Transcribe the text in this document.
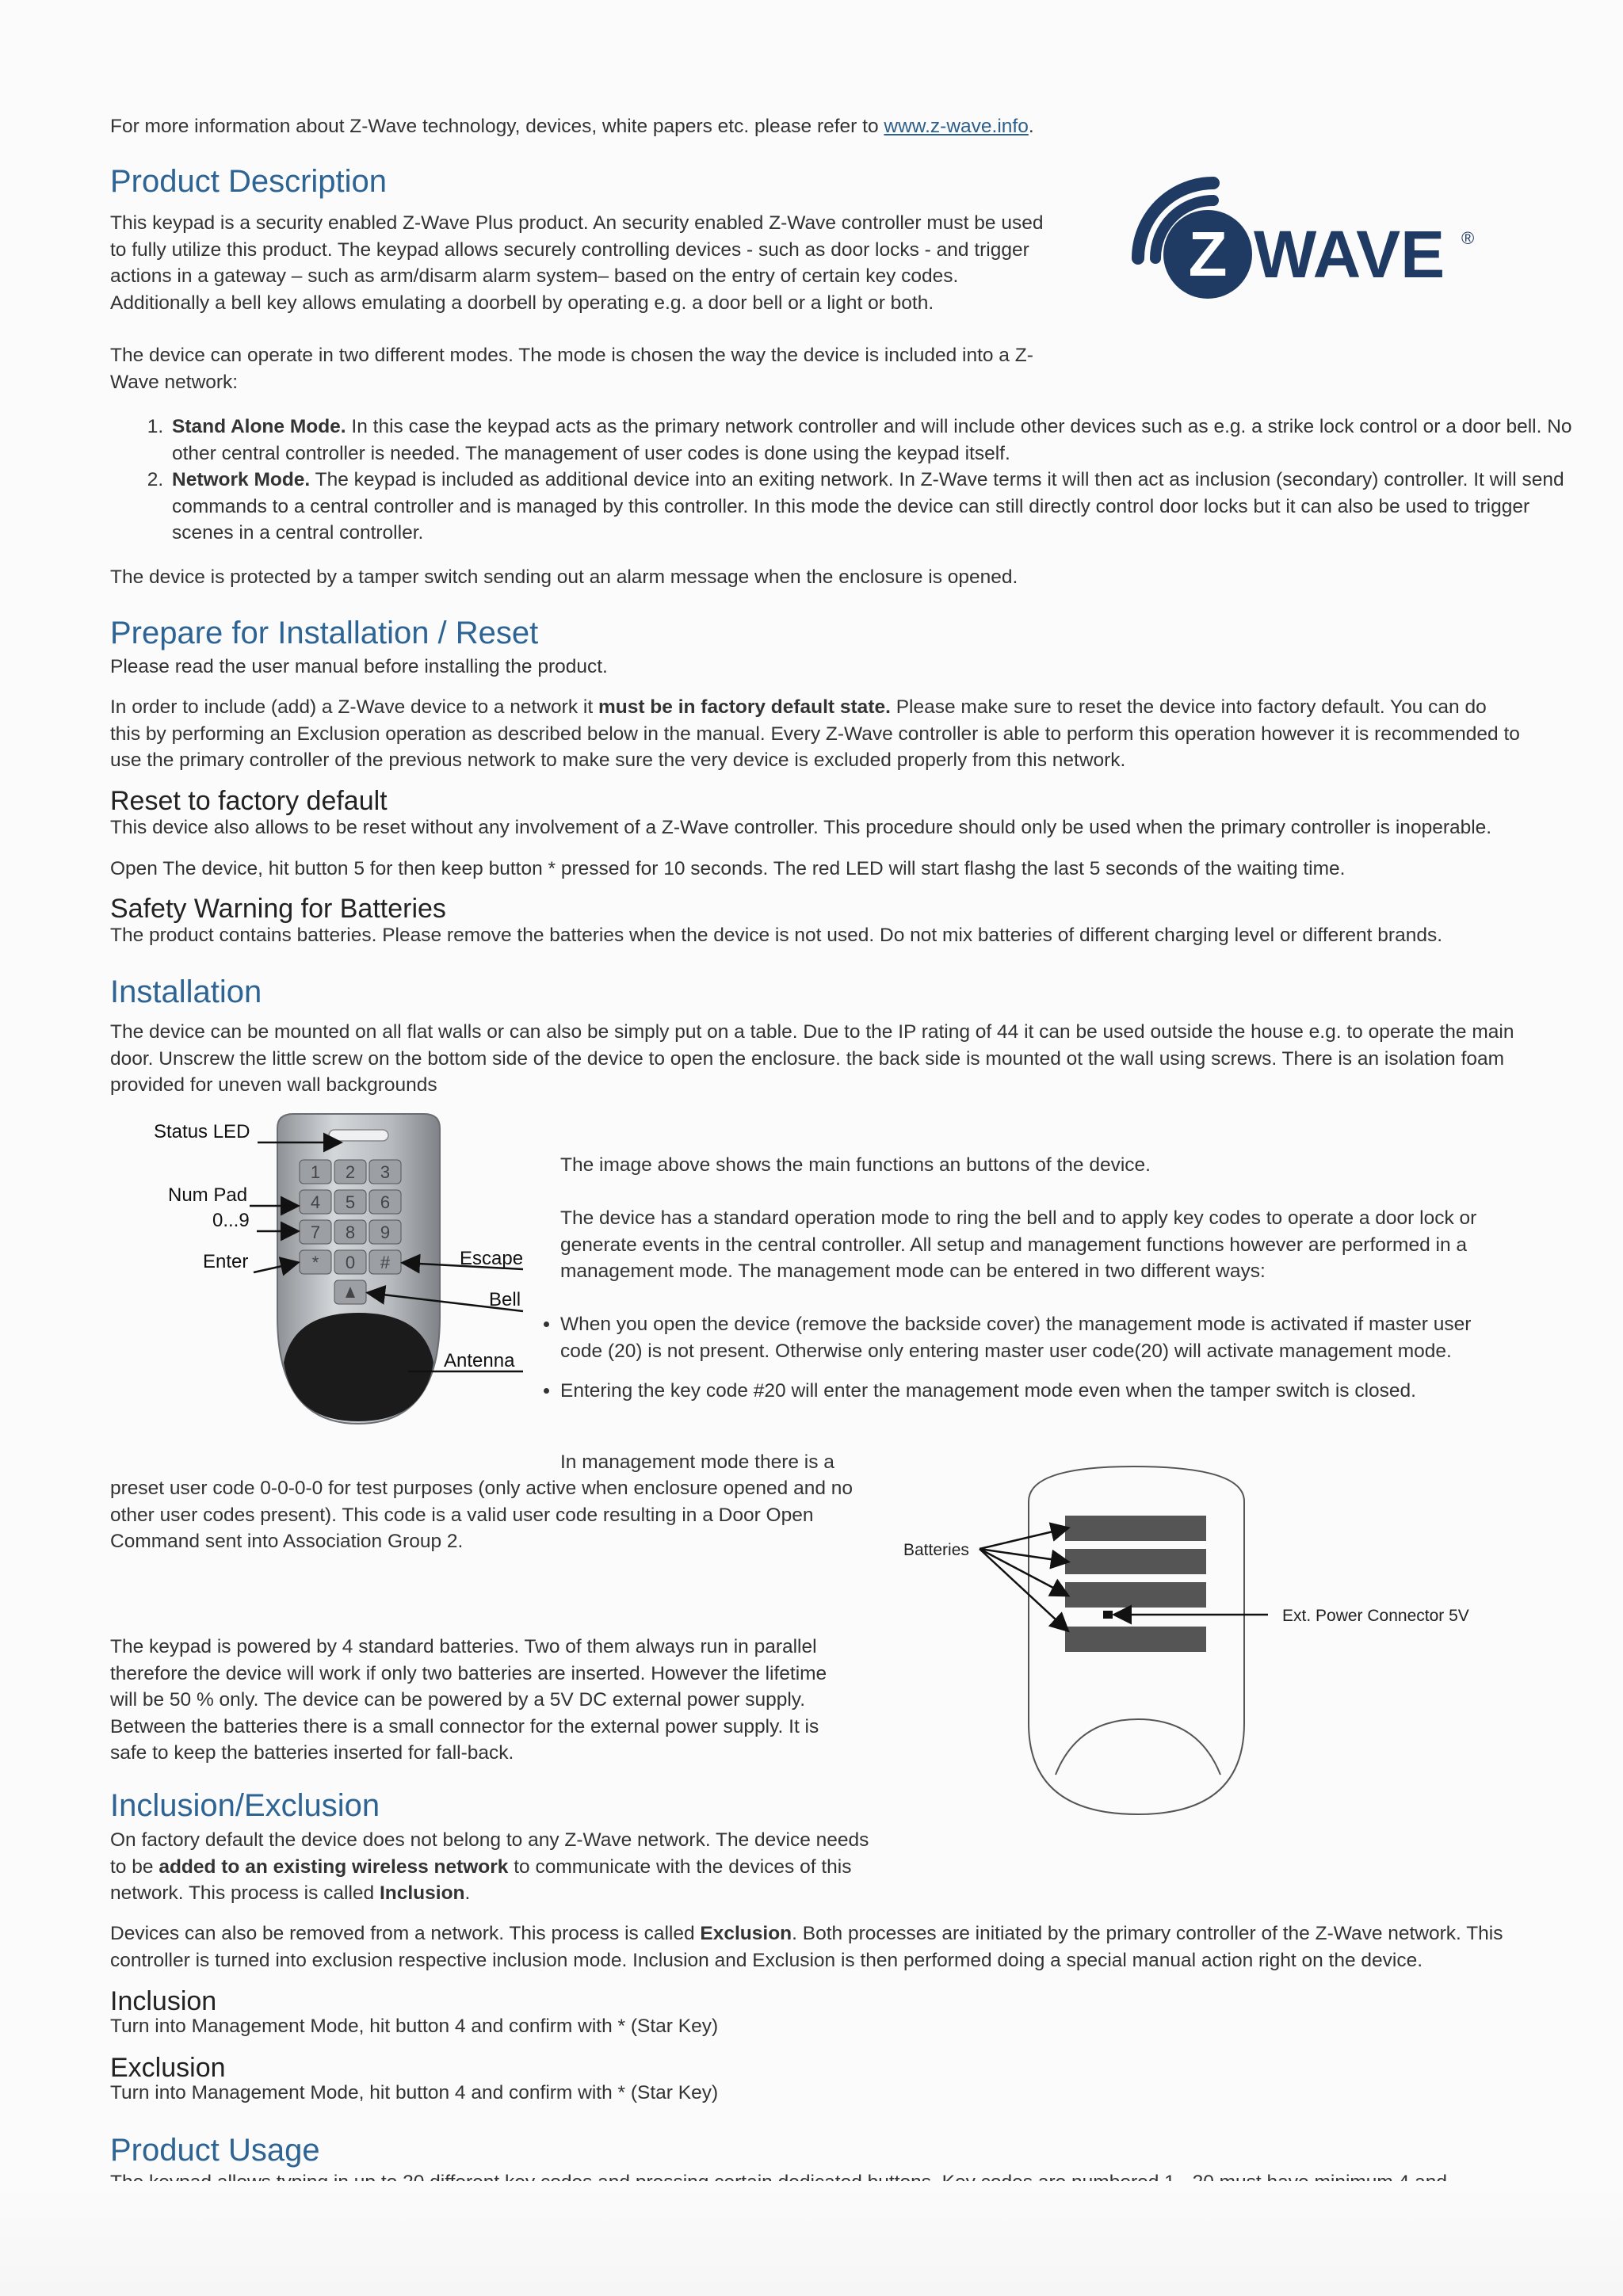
For more information about Z-Wave technology, devices, white papers etc. please refer to www.z-wave.info.

Z WAVE ®
Product Description

This keypad is a security enabled Z-Wave Plus product. An security enabled Z-Wave controller must be used to fully utilize this product. The keypad allows securely controlling devices - such as door locks - and trigger actions in a gateway – such as arm/disarm alarm system– based on the entry of certain key codes. Additionally a bell key allows emulating a doorbell by operating e.g. a door bell or a light or both.

The device can operate in two different modes. The mode is chosen the way the device is included into a Z-Wave network:

1. Stand Alone Mode. In this case the keypad acts as the primary network controller and will include other devices such as e.g. a strike lock control or a door bell. No other central controller is needed. The management of user codes is done using the keypad itself.
2. Network Mode. The keypad is included as additional device into an exiting network. In Z-Wave terms it will then act as inclusion (secondary) controller. It will send commands to a central controller and is managed by this controller. In this mode the device can still directly control door locks but it can also be used to trigger scenes in a central controller.

The device is protected by a tamper switch sending out an alarm message when the enclosure is opened.

Prepare for Installation / Reset

Please read the user manual before installing the product.

In order to include (add) a Z-Wave device to a network it must be in factory default state. Please make sure to reset the device into factory default. You can do this by performing an Exclusion operation as described below in the manual. Every Z-Wave controller is able to perform this operation however it is recommended to use the primary controller of the previous network to make sure the very device is excluded properly from this network.

Reset to factory default

This device also allows to be reset without any involvement of a Z-Wave controller. This procedure should only be used when the primary controller is inoperable.

Open The device, hit button 5 for then keep button * pressed for 10 seconds. The red LED will start flashg the last 5 seconds of the waiting time.

Safety Warning for Batteries

The product contains batteries. Please remove the batteries when the device is not used. Do not mix batteries of different charging level or different brands.

Installation

The device can be mounted on all flat walls or can also be simply put on a table. Due to the IP rating of 44 it can be used outside the house e.g. to operate the main door. Unscrew the little screw on the bottom side of the device to open the enclosure. the back side is mounted ot the wall using screws. There is an isolation foam provided for uneven wall backgrounds

1 2 3
4 5 6
7 8 9
* 0 #
Status LED
Num Pad
0...9
Enter	Escape
Bell
Antenna

The image above shows the main functions an buttons of the device.

The device has a standard operation mode to ring the bell and to apply key codes to operate a door lock or generate events in the central controller. All setup and management functions however are performed in a management mode. The management mode can be entered in two different ways:

• When you open the device (remove the backside cover) the management mode is activated if master user code (20) is not present. Otherwise only entering master user code(20) will activate management mode.
• Entering the key code #20 will enter the management mode even when the tamper switch is closed.

In management mode there is a

preset user code 0-0-0-0 for test purposes (only active when enclosure opened and no other user codes present). This code is a valid user code resulting in a Door Open Command sent into Association Group 2.

The keypad is powered by 4 standard batteries. Two of them always run in parallel therefore the device will work if only two batteries are inserted. However the lifetime will be 50 % only. The device can be powered by a 5V DC external power supply. Between the batteries there is a small connector for the external power supply. It is safe to keep the batteries inserted for fall-back.

Batteries
Ext. Power Connector 5V
Inclusion/Exclusion

On factory default the device does not belong to any Z-Wave network. The device needs to be added to an existing wireless network to communicate with the devices of this network. This process is called Inclusion.

Devices can also be removed from a network. This process is called Exclusion. Both processes are initiated by the primary controller of the Z-Wave network. This controller is turned into exclusion respective inclusion mode. Inclusion and Exclusion is then performed doing a special manual action right on the device.

Inclusion

Turn into Management Mode, hit button 4 and confirm with * (Star Key)

Exclusion

Turn into Management Mode, hit button 4 and confirm with * (Star Key)

Product Usage
